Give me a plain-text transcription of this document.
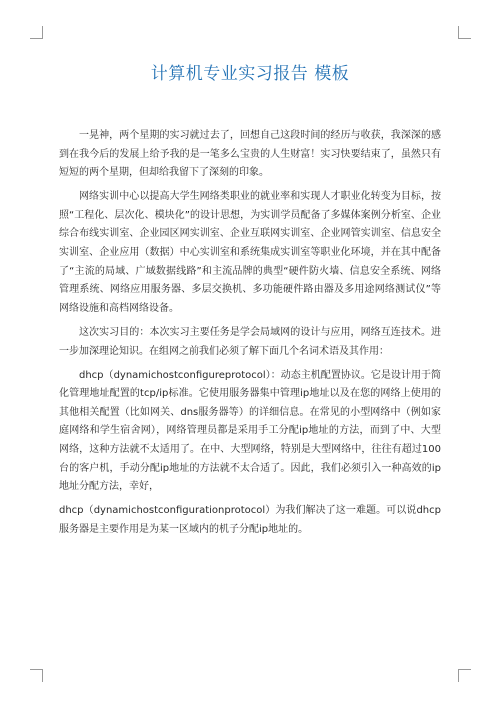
计算机专业实习报告 模板

一晃神，两个星期的实习就过去了，回想自己这段时间的经历与收获，我深深的感到在我今后的发展上给予我的是一笔多么宝贵的人生财富！实习快要结束了，虽然只有短短的两个星期，但却给我留下了深刻的印象。

网络实训中心以提高大学生网络类职业的就业率和实现人才职业化转变为目标，按照“工程化、层次化、模块化”的设计思想，为实训学员配备了多媒体案例分析室、企业综合布线实训室、企业园区网实训室、企业互联网实训室、企业网管实训室、信息安全实训室、企业应用（数据）中心实训室和系统集成实训室等职业化环境，并在其中配备了“主流的局域、广域数据线路”和主流品牌的典型“硬件防火墙、信息安全系统、网络管理系统、网络应用服务器、多层交换机、多功能硬件路由器及多用途网络测试仪”等网络设施和高档网络设备。

这次实习目的：本次实习主要任务是学会局域网的设计与应用，网络互连技术。进一步加深理论知识。在组网之前我们必须了解下面几个名词术语及其作用：

dhcp（dynamichostconfigureprotocol）：动态主机配置协议。它是设计用于简化管理地址配置的tcp/ip标准。它使用服务器集中管理ip地址以及在您的网络上使用的其他相关配置（比如网关、dns服务器等）的详细信息。在常见的小型网络中（例如家庭网络和学生宿舍网），网络管理员都是采用手工分配ip地址的方法，而到了中、大型网络，这种方法就不太适用了。在中、大型网络，特别是大型网络中，往往有超过100台的客户机，手动分配ip地址的方法就不太合适了。因此，我们必须引入一种高效的ip地址分配方法，幸好，

dhcp（dynamichostconfigurationprotocol）为我们解决了这一难题。可以说dhcp服务器是主要作用是为某一区域内的机子分配ip地址的。
